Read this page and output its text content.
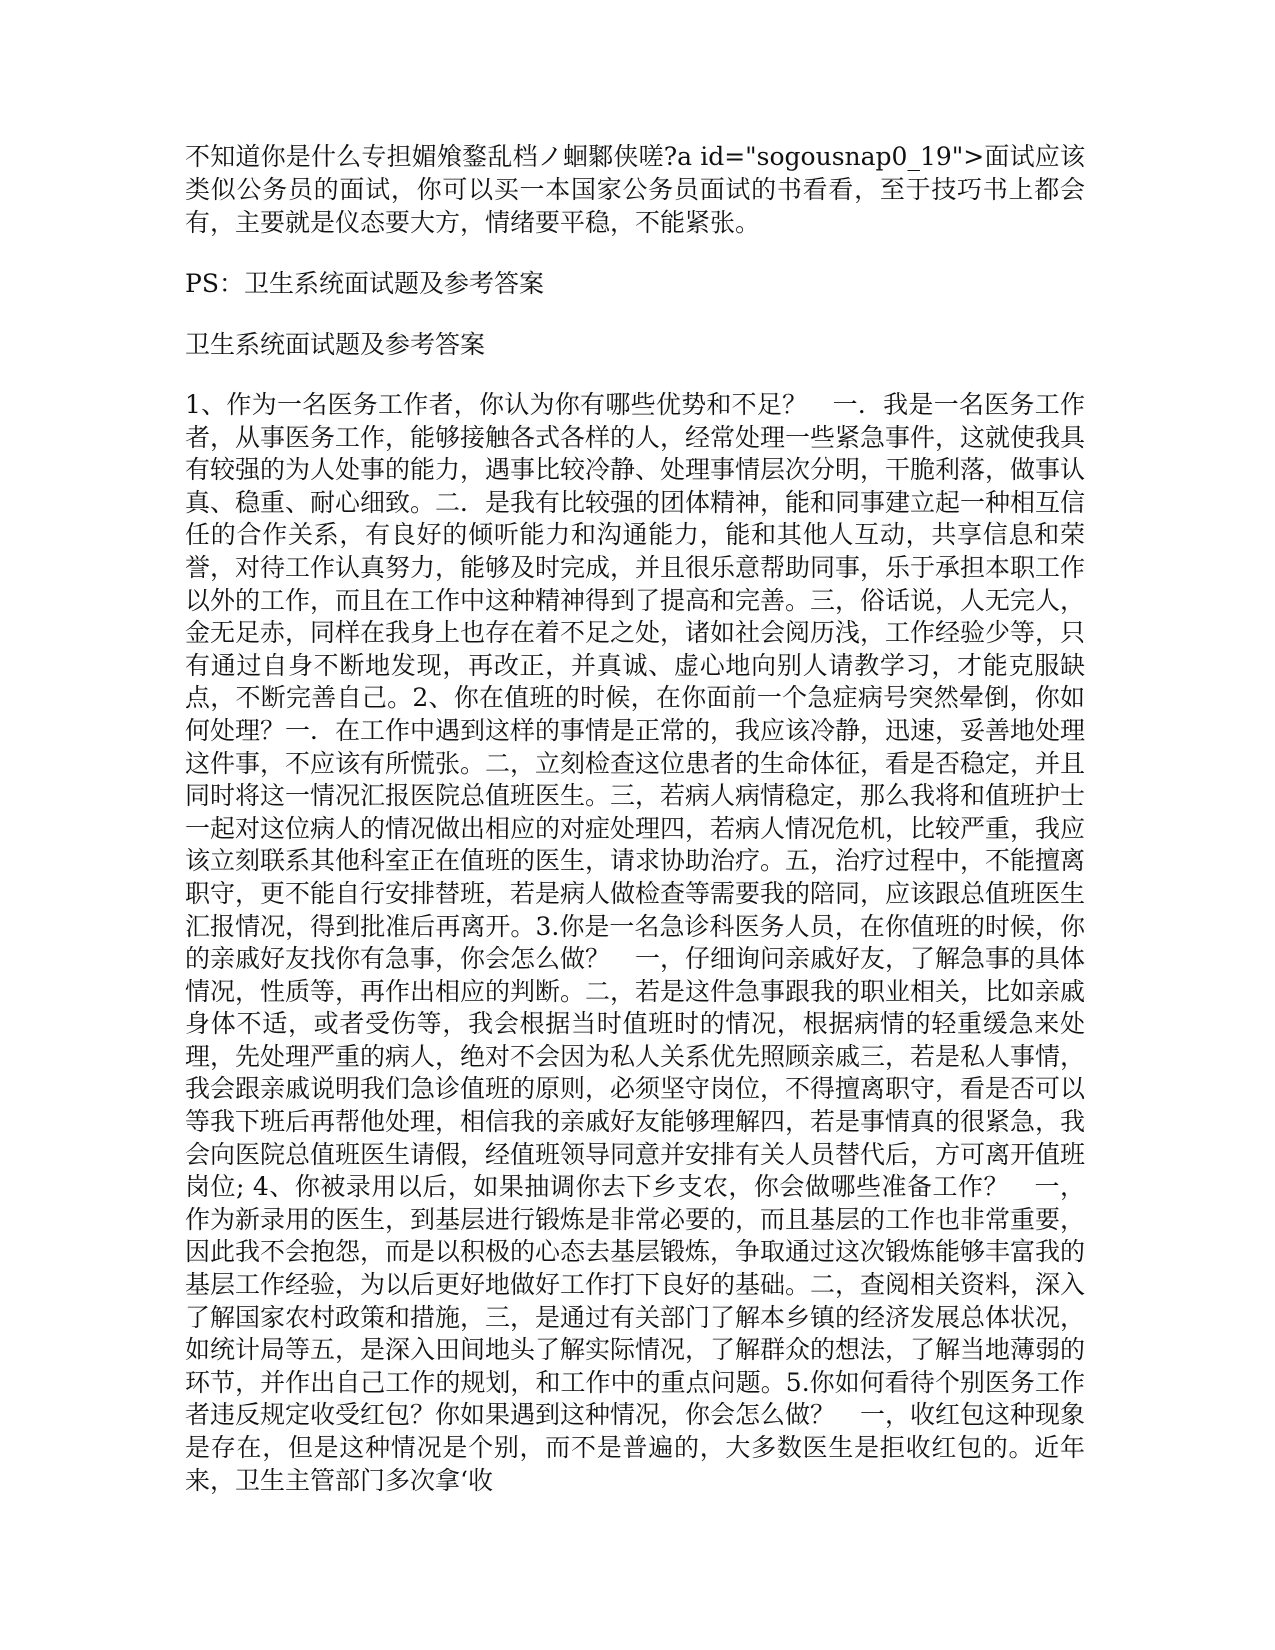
不知道你是什么专担媚飧鍪乱档ノ蛔鄹侠嗟?a id="sogousnap0_19">面试应该类似公务员的面试，你可以买一本国家公务员面试的书看看，至于技巧书上都会有，主要就是仪态要大方，情绪要平稳，不能紧张。

PS：卫生系统面试题及参考答案

卫生系统面试题及参考答案

1、作为一名医务工作者，你认为你有哪些优势和不足？　一．我是一名医务工作者，从事医务工作，能够接触各式各样的人，经常处理一些紧急事件，这就使我具有较强的为人处事的能力，遇事比较冷静、处理事情层次分明，干脆利落，做事认真、稳重、耐心细致。二．是我有比较强的团体精神，能和同事建立起一种相互信任的合作关系，有良好的倾听能力和沟通能力，能和其他人互动，共享信息和荣誉，对待工作认真努力，能够及时完成，并且很乐意帮助同事，乐于承担本职工作以外的工作，而且在工作中这种精神得到了提高和完善。三，俗话说，人无完人，金无足赤，同样在我身上也存在着不足之处，诸如社会阅历浅，工作经验少等，只有通过自身不断地发现，再改正，并真诚、虚心地向别人请教学习，才能克服缺点，不断完善自己。2、你在值班的时候，在你面前一个急症病号突然晕倒，你如何处理？一．在工作中遇到这样的事情是正常的，我应该冷静，迅速，妥善地处理这件事，不应该有所慌张。二，立刻检查这位患者的生命体征，看是否稳定，并且同时将这一情况汇报医院总值班医生。三，若病人病情稳定，那么我将和值班护士一起对这位病人的情况做出相应的对症处理四，若病人情况危机，比较严重，我应该立刻联系其他科室正在值班的医生，请求协助治疗。五，治疗过程中，不能擅离职守，更不能自行安排替班，若是病人做检查等需要我的陪同，应该跟总值班医生汇报情况，得到批准后再离开。3.你是一名急诊科医务人员，在你值班的时候，你的亲戚好友找你有急事，你会怎么做？　一，仔细询问亲戚好友，了解急事的具体情况，性质等，再作出相应的判断。二，若是这件急事跟我的职业相关，比如亲戚身体不适，或者受伤等，我会根据当时值班时的情况，根据病情的轻重缓急来处理，先处理严重的病人，绝对不会因为私人关系优先照顾亲戚三，若是私人事情，我会跟亲戚说明我们急诊值班的原则，必须坚守岗位，不得擅离职守，看是否可以等我下班后再帮他处理，相信我的亲戚好友能够理解四，若是事情真的很紧急，我会向医院总值班医生请假，经值班领导同意并安排有关人员替代后，方可离开值班岗位; 4、你被录用以后，如果抽调你去下乡支农，你会做哪些准备工作？　一，作为新录用的医生，到基层进行锻炼是非常必要的，而且基层的工作也非常重要，因此我不会抱怨，而是以积极的心态去基层锻炼，争取通过这次锻炼能够丰富我的基层工作经验，为以后更好地做好工作打下良好的基础。二，查阅相关资料，深入了解国家农村政策和措施，三，是通过有关部门了解本乡镇的经济发展总体状况，如统计局等五，是深入田间地头了解实际情况，了解群众的想法，了解当地薄弱的环节，并作出自己工作的规划，和工作中的重点问题。5.你如何看待个别医务工作者违反规定收受红包？你如果遇到这种情况，你会怎么做？　一，收红包这种现象是存在，但是这种情况是个别，而不是普遍的，大多数医生是拒收红包的。近年来，卫生主管部门多次拿‘收
